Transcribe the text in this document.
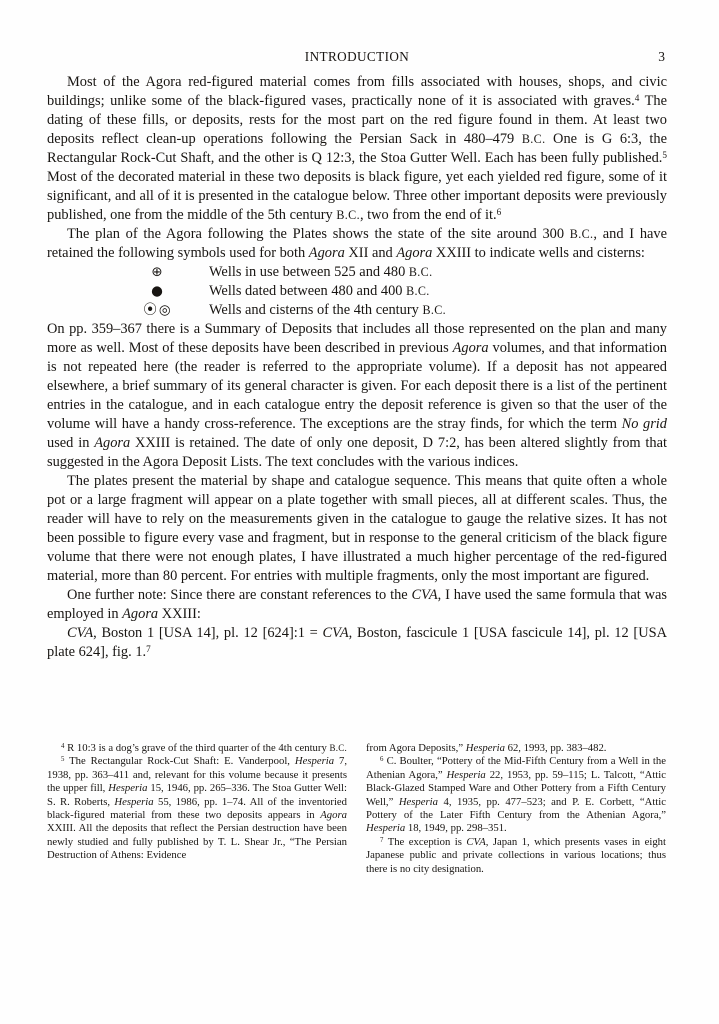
INTRODUCTION	3

Most of the Agora red-figured material comes from fills associated with houses, shops, and civic buildings; unlike some of the black-figured vases, practically none of it is associated with graves.$^4$ The dating of these fills, or deposits, rests for the most part on the red figure found in them. At least two deposits reflect clean-up operations following the Persian Sack in 480–479 B.C. One is G 6:3, the Rectangular Rock-Cut Shaft, and the other is Q 12:3, the Stoa Gutter Well. Each has been fully published.$^5$ Most of the decorated material in these two deposits is black figure, yet each yielded red figure, some of it significant, and all of it is presented in the catalogue below. Three other important deposits were previously published, one from the middle of the 5th century B.C., two from the end of it.$^6$

The plan of the Agora following the Plates shows the state of the site around 300 B.C., and I have retained the following symbols used for both Agora XII and Agora XXIII to indicate wells and cisterns:

⊕	Wells in use between 525 and 480 B.C.
●	Wells dated between 480 and 400 B.C.
⦿ ◎	Wells and cisterns of the 4th century B.C.

On pp. 359–367 there is a Summary of Deposits that includes all those represented on the plan and many more as well. Most of these deposits have been described in previous Agora volumes, and that information is not repeated here (the reader is referred to the appropriate volume). If a deposit has not appeared elsewhere, a brief summary of its general character is given. For each deposit there is a list of the pertinent entries in the catalogue, and in each catalogue entry the deposit reference is given so that the user of the volume will have a handy cross-reference. The exceptions are the stray finds, for which the term No grid used in Agora XXIII is retained. The date of only one deposit, D 7:2, has been altered slightly from that suggested in the Agora Deposit Lists. The text concludes with the various indices.

The plates present the material by shape and catalogue sequence. This means that quite often a whole pot or a large fragment will appear on a plate together with small pieces, all at different scales. Thus, the reader will have to rely on the measurements given in the catalogue to gauge the relative sizes. It has not been possible to figure every vase and fragment, but in response to the general criticism of the black figure volume that there were not enough plates, I have illustrated a much higher percentage of the red-figured material, more than 80 percent. For entries with multiple fragments, only the most important are figured.

One further note: Since there are constant references to the CVA, I have used the same formula that was employed in Agora XXIII:

CVA, Boston 1 [USA 14], pl. 12 [624]:1 = CVA, Boston, fascicule 1 [USA fascicule 14], pl. 12 [USA plate 624], fig. 1.$^7$

$^4$ R 10:3 is a dog’s grave of the third quarter of the 4th century B.C.

$^5$ The Rectangular Rock-Cut Shaft: E. Vanderpool, Hesperia 7, 1938, pp. 363–411 and, relevant for this volume because it presents the upper fill, Hesperia 15, 1946, pp. 265–336. The Stoa Gutter Well: S. R. Roberts, Hesperia 55, 1986, pp. 1–74. All of the inventoried black-figured material from these two deposits appears in Agora XXIII. All the deposits that reflect the Persian destruction have been newly studied and fully published by T. L. Shear Jr., “The Persian Destruction of Athens: Evidence

from Agora Deposits,” Hesperia 62, 1993, pp. 383–482.

$^6$ C. Boulter, “Pottery of the Mid-Fifth Century from a Well in the Athenian Agora,” Hesperia 22, 1953, pp. 59–115; L. Talcott, “Attic Black-Glazed Stamped Ware and Other Pottery from a Fifth Century Well,” Hesperia 4, 1935, pp. 477–523; and P. E. Corbett, “Attic Pottery of the Later Fifth Century from the Athenian Agora,” Hesperia 18, 1949, pp. 298–351.

$^7$ The exception is CVA, Japan 1, which presents vases in eight Japanese public and private collections in various locations; thus there is no city designation.
